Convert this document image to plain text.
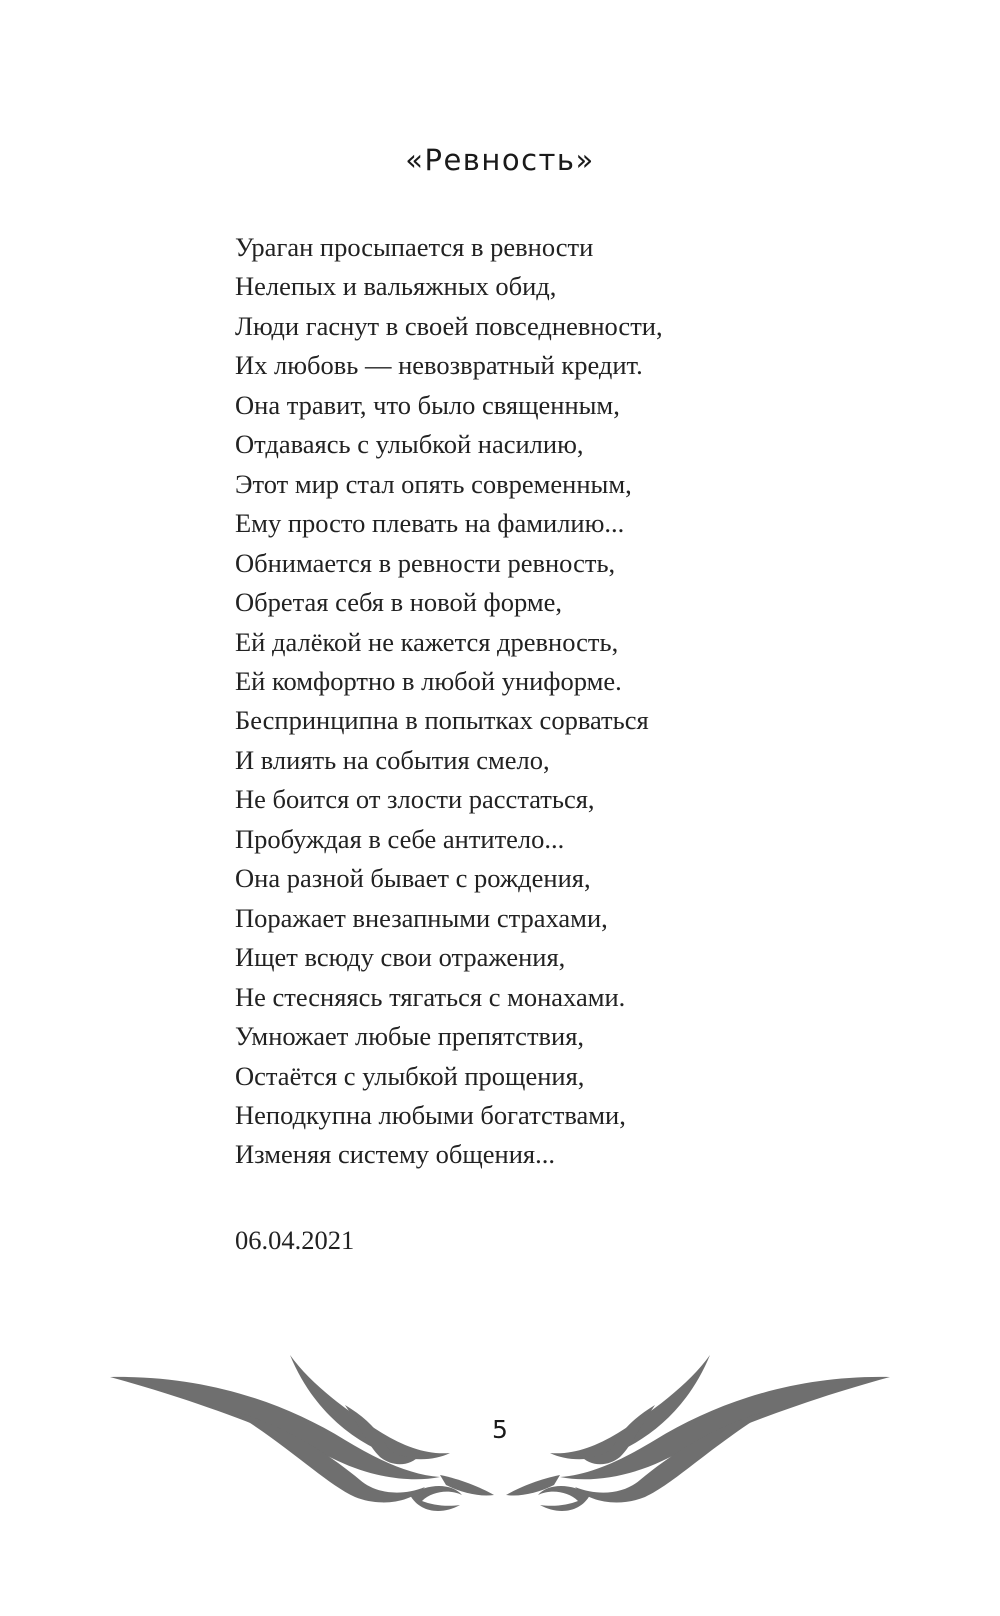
«Ревность»
Ураган просыпается в ревности
Нелепых и вальяжных обид,
Люди гаснут в своей повседневности,
Их любовь — невозвратный кредит.
Она травит, что было священным,
Отдаваясь с улыбкой насилию,
Этот мир стал опять современным,
Ему просто плевать на фамилию...
Обнимается в ревности ревность,
Обретая себя в новой форме,
Ей далёкой не кажется древность,
Ей комфортно в любой униформе.
Беспринципна в попытках сорваться
И влиять на события смело,
Не боится от злости расстаться,
Пробуждая в себе антитело...
Она разной бывает с рождения,
Поражает внезапными страхами,
Ищет всюду свои отражения,
Не стесняясь тягаться с монахами.
Умножает любые препятствия,
Остаётся с улыбкой прощения,
Неподкупна любыми богатствами,
Изменяя систему общения...
06.04.2021
5
